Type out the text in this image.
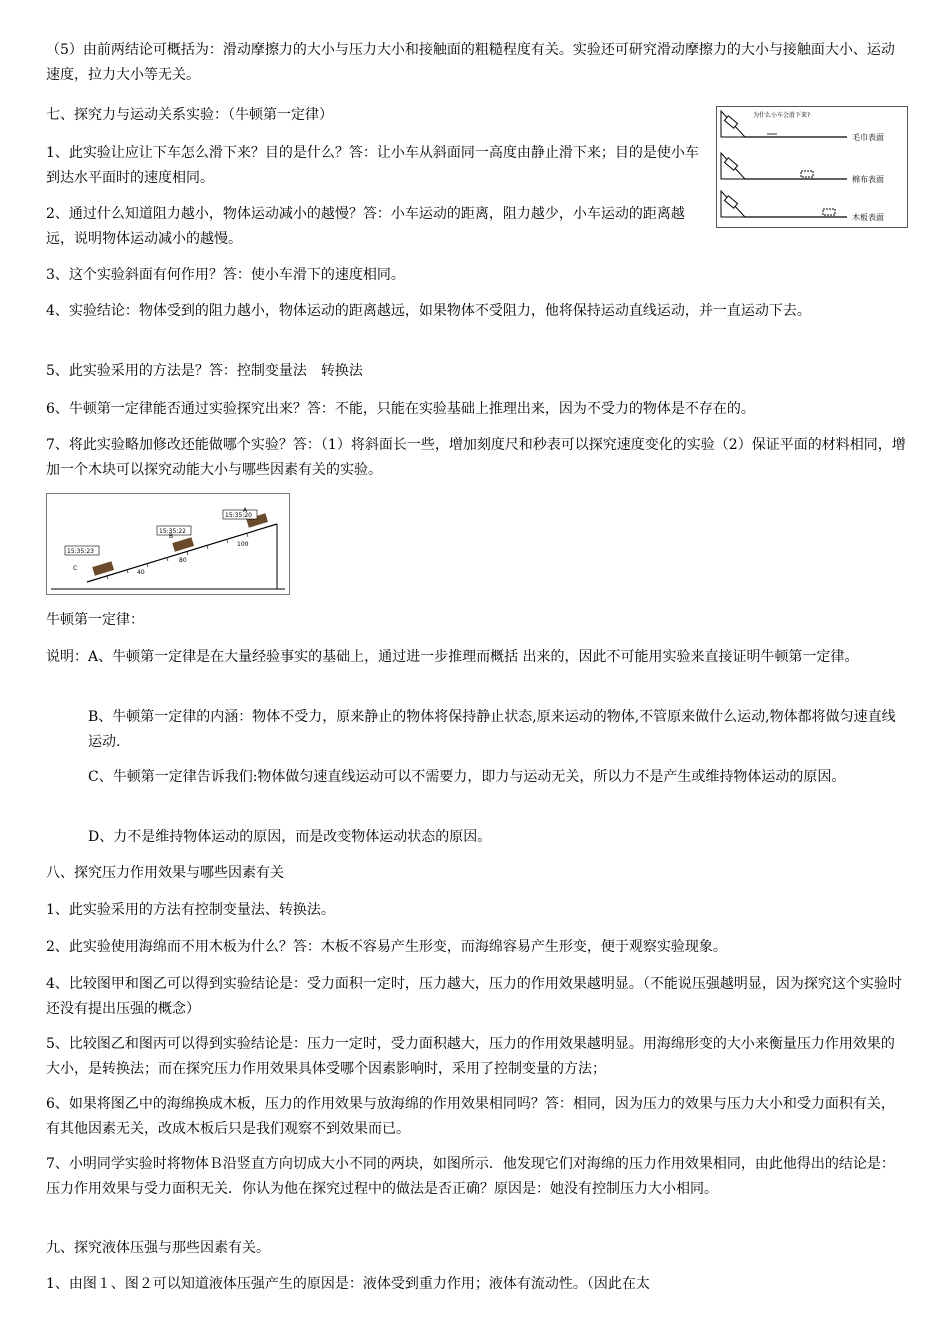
（5）由前两结论可概括为：滑动摩擦力的大小与压力大小和接触面的粗糙程度有关。实验还可研究滑动摩擦力的大小与接触面大小、运动速度，拉力大小等无关。

七、探究力与运动关系实验：（牛顿第一定律）

1、此实验让应让下车怎么滑下来？目的是什么？答：让小车从斜面同一高度由静止滑下来；目的是使小车到达水平面时的速度相同。

2、通过什么知道阻力越小，物体运动减小的越慢？答：小车运动的距离，阻力越少，小车运动的距离越远，说明物体运动减小的越慢。

为什么小车会滑下来?
毛巾表面
棉布表面
木板表面

3、这个实验斜面有何作用？答：使小车滑下的速度相同。

4、实验结论：物体受到的阻力越小，物体运动的距离越远，如果物体不受阻力，他将保持运动直线运动，并一直运动下去。

5、此实验采用的方法是？答：控制变量法　转换法

6、牛顿第一定律能否通过实验探究出来？答：不能，只能在实验基础上推理出来，因为不受力的物体是不存在的。

7、将此实验略加修改还能做哪个实验？答：（1）将斜面长一些，增加刻度尺和秒表可以探究速度变化的实验（2）保证平面的材料相同，增加一个木块可以探究动能大小与哪些因素有关的实验。

15:35:20
15:35:22
15:35:23
A
B
C
40
80
100

牛顿第一定律：

说明：A、牛顿第一定律是在大量经验事实的基础上，通过进一步推理而概括 出来的，因此不可能用实验来直接证明牛顿第一定律。

B、牛顿第一定律的内涵：物体不受力，原来静止的物体将保持静止状态,原来运动的物体,不管原来做什么运动,物体都将做匀速直线运动.

C、牛顿第一定律告诉我们:物体做匀速直线运动可以不需要力，即力与运动无关，所以力不是产生或维持物体运动的原因。

D、力不是维持物体运动的原因，而是改变物体运动状态的原因。

八、探究压力作用效果与哪些因素有关

1、此实验采用的方法有控制变量法、转换法。

2、此实验使用海绵而不用木板为什么？答：木板不容易产生形变，而海绵容易产生形变，便于观察实验现象。

4、比较图甲和图乙可以得到实验结论是：受力面积一定时，压力越大，压力的作用效果越明显。（不能说压强越明显，因为探究这个实验时还没有提出压强的概念）

5、比较图乙和图丙可以得到实验结论是：压力一定时，受力面积越大，压力的作用效果越明显。用海绵形变的大小来衡量压力作用效果的大小，是转换法；而在探究压力作用效果具体受哪个因素影响时，采用了控制变量的方法；

6、如果将图乙中的海绵换成木板，压力的作用效果与放海绵的作用效果相同吗？答：相同，因为压力的效果与压力大小和受力面积有关，有其他因素无关，改成木板后只是我们观察不到效果而已。

7、小明同学实验时将物体Ｂ沿竖直方向切成大小不同的两块，如图所示．他发现它们对海绵的压力作用效果相同，由此他得出的结论是：压力作用效果与受力面积无关．你认为他在探究过程中的做法是否正确？原因是：她没有控制压力大小相同。

九、探究液体压强与那些因素有关。

1、由图１、图２可以知道液体压强产生的原因是：液体受到重力作用；液体有流动性。（因此在太
